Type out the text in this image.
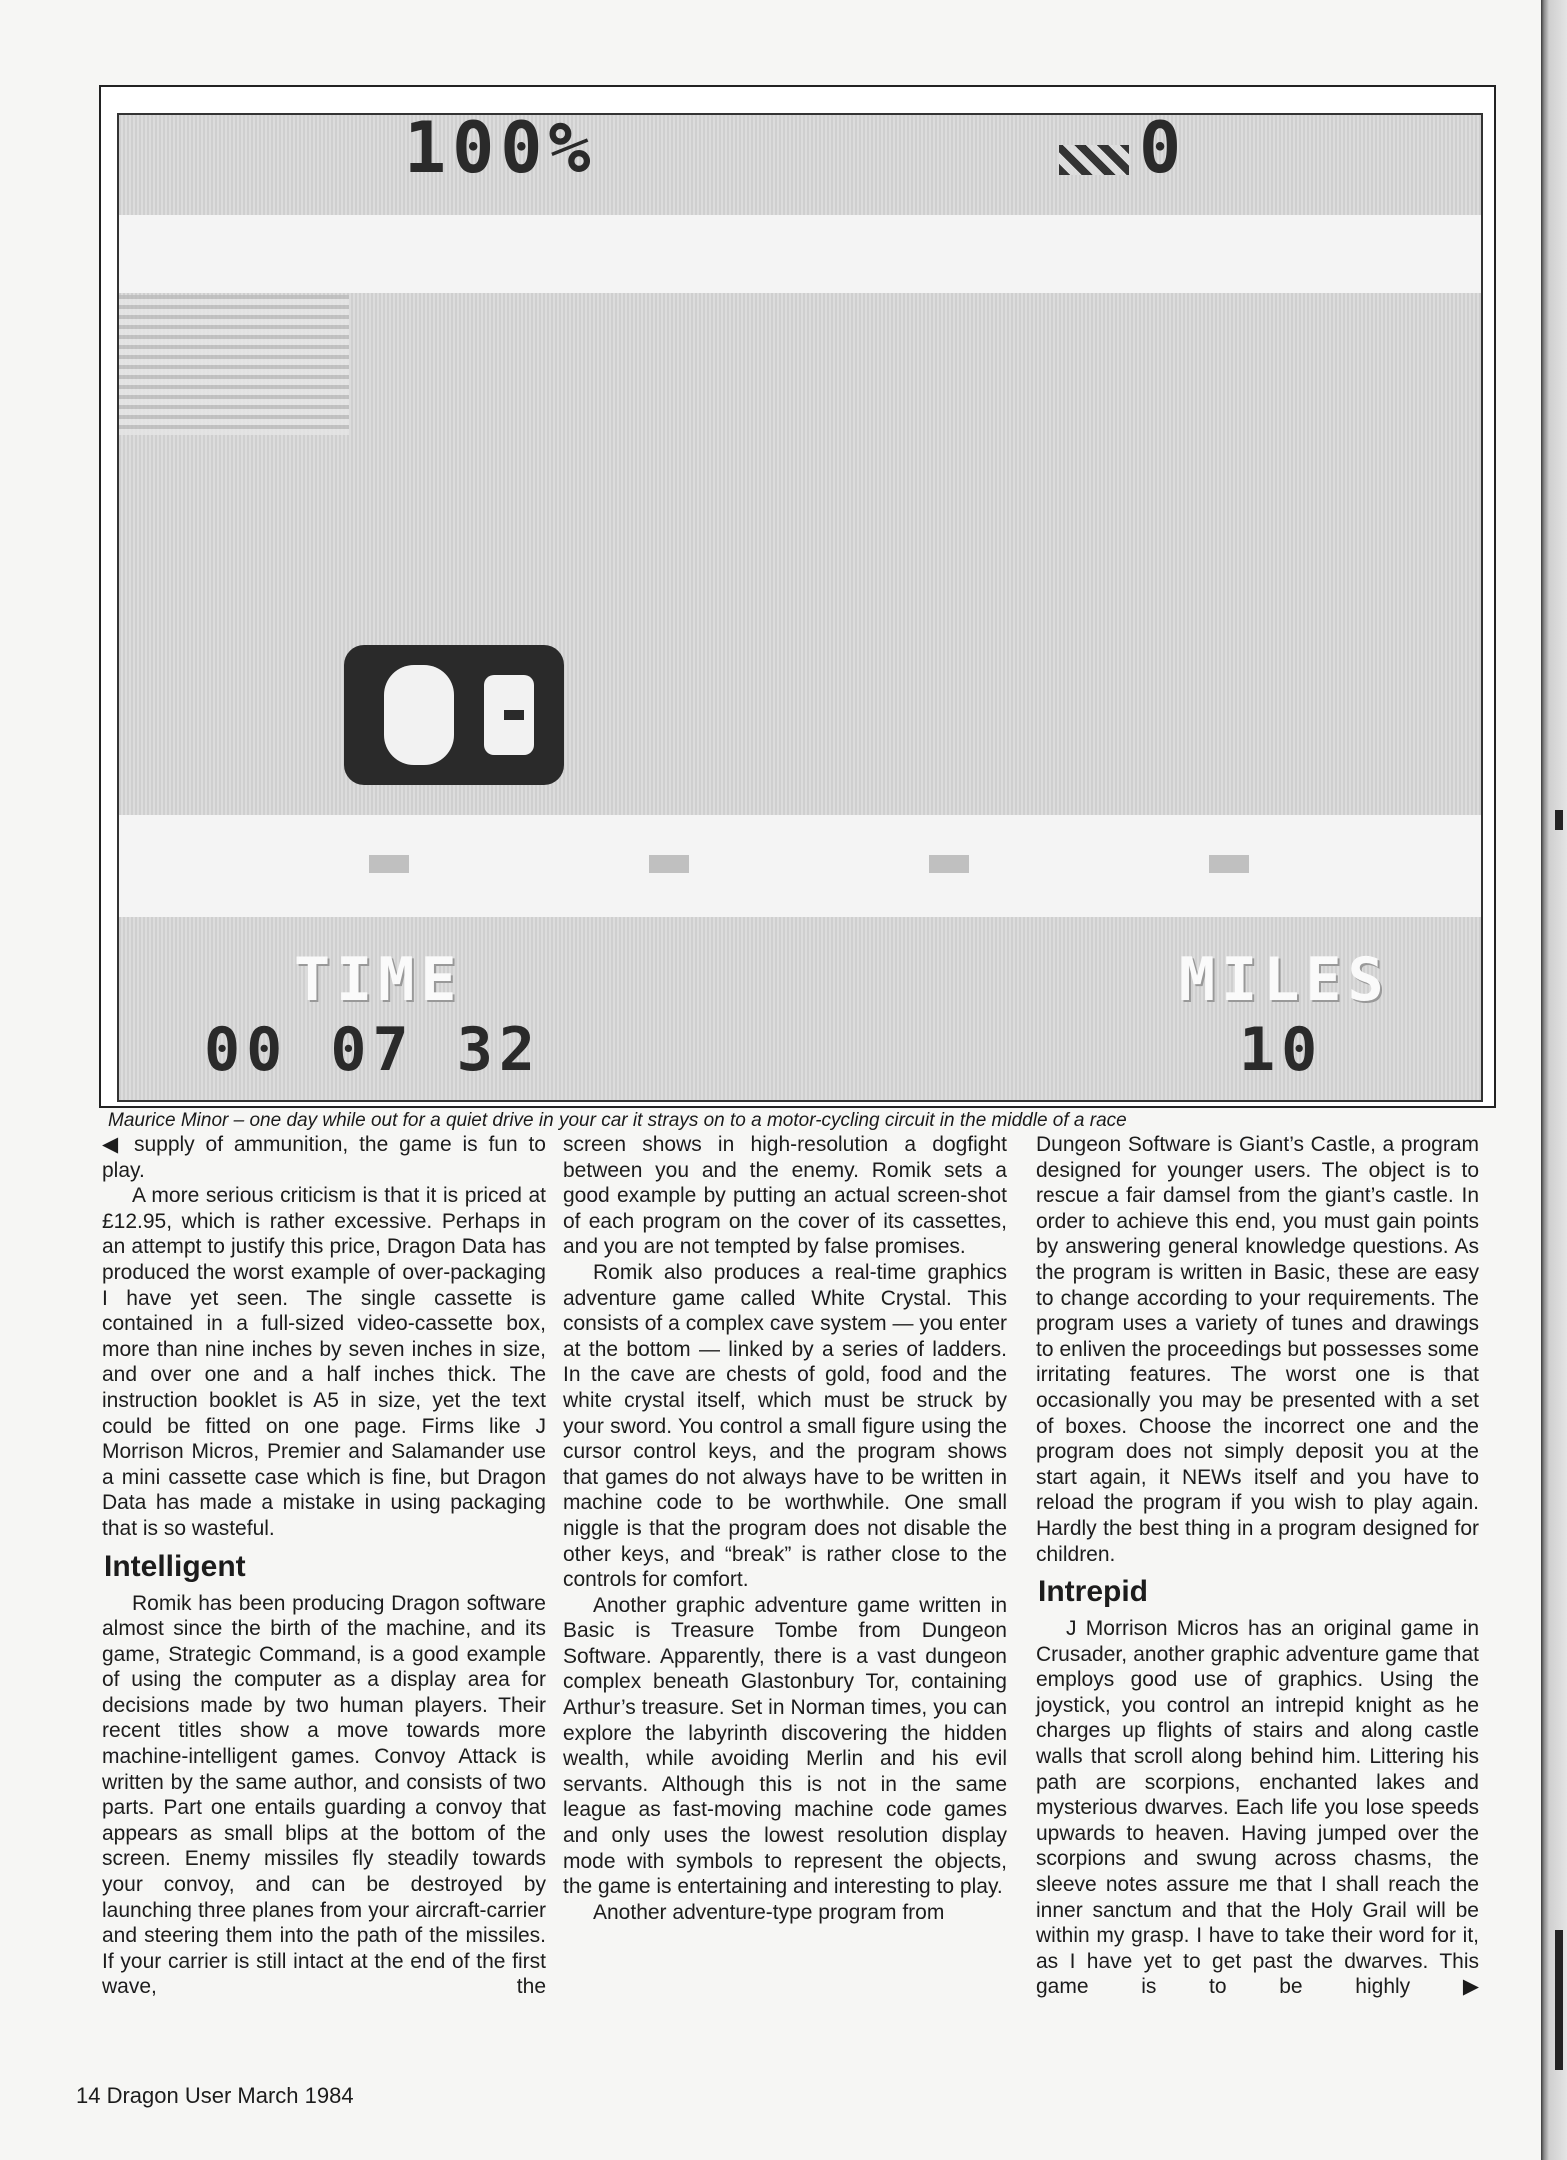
100%	0
TIME
00 07 32
MILES
10
Maurice Minor – one day while out for a quiet drive in your car it strays on to a motor-cycling circuit in the middle of a race

◀ supply of ammunition, the game is fun to play.

A more serious criticism is that it is priced at £12.95, which is rather excessive. Perhaps in an attempt to justify this price, Dragon Data has produced the worst example of over-packaging I have yet seen. The single cassette is contained in a full-sized video-cassette box, more than nine inches by seven inches in size, and over one and a half inches thick. The instruction booklet is A5 in size, yet the text could be fitted on one page. Firms like J Morrison Micros, Premier and Salamander use a mini cassette case which is fine, but Dragon Data has made a mistake in using packaging that is so wasteful.

Intelligent

Romik has been producing Dragon software almost since the birth of the machine, and its game, Strategic Command, is a good example of using the computer as a display area for decisions made by two human players. Their recent titles show a move towards more machine-intelligent games. Convoy Attack is written by the same author, and consists of two parts. Part one entails guarding a convoy that appears as small blips at the bottom of the screen. Enemy missiles fly steadily towards your convoy, and can be destroyed by launching three planes from your aircraft-carrier and steering them into the path of the missiles. If your carrier is still intact at the end of the first wave, the

screen shows in high-resolution a dogfight between you and the enemy. Romik sets a good example by putting an actual screen-shot of each program on the cover of its cassettes, and you are not tempted by false promises.

Romik also produces a real-time graphics adventure game called White Crystal. This consists of a complex cave system — you enter at the bottom — linked by a series of ladders. In the cave are chests of gold, food and the white crystal itself, which must be struck by your sword. You control a small figure using the cursor control keys, and the program shows that games do not always have to be written in machine code to be worthwhile. One small niggle is that the program does not disable the other keys, and “break” is rather close to the controls for comfort.

Another graphic adventure game written in Basic is Treasure Tombe from Dungeon Software. Apparently, there is a vast dungeon complex beneath Glastonbury Tor, containing Arthur’s treasure. Set in Norman times, you can explore the labyrinth discovering the hidden wealth, while avoiding Merlin and his evil servants. Although this is not in the same league as fast-moving machine code games and only uses the lowest resolution display mode with symbols to represent the objects, the game is entertaining and interesting to play.

Another adventure-type program from

Dungeon Software is Giant’s Castle, a program designed for younger users. The object is to rescue a fair damsel from the giant’s castle. In order to achieve this end, you must gain points by answering general knowledge questions. As the program is written in Basic, these are easy to change according to your requirements. The program uses a variety of tunes and drawings to enliven the proceedings but possesses some irritating features. The worst one is that occasionally you may be presented with a set of boxes. Choose the incorrect one and the program does not simply deposit you at the start again, it NEWs itself and you have to reload the program if you wish to play again. Hardly the best thing in a program designed for children.

Intrepid

J Morrison Micros has an original game in Crusader, another graphic adventure game that employs good use of graphics. Using the joystick, you control an intrepid knight as he charges up flights of stairs and along castle walls that scroll along behind him. Littering his path are scorpions, enchanted lakes and mysterious dwarves. Each life you lose speeds upwards to heaven. Having jumped over the scorpions and swung across chasms, the sleeve notes assure me that I shall reach the inner sanctum and that the Holy Grail will be within my grasp. I have to take their word for it, as I have yet to get past the dwarves. This game is to be highly ▶

14 Dragon User March 1984
